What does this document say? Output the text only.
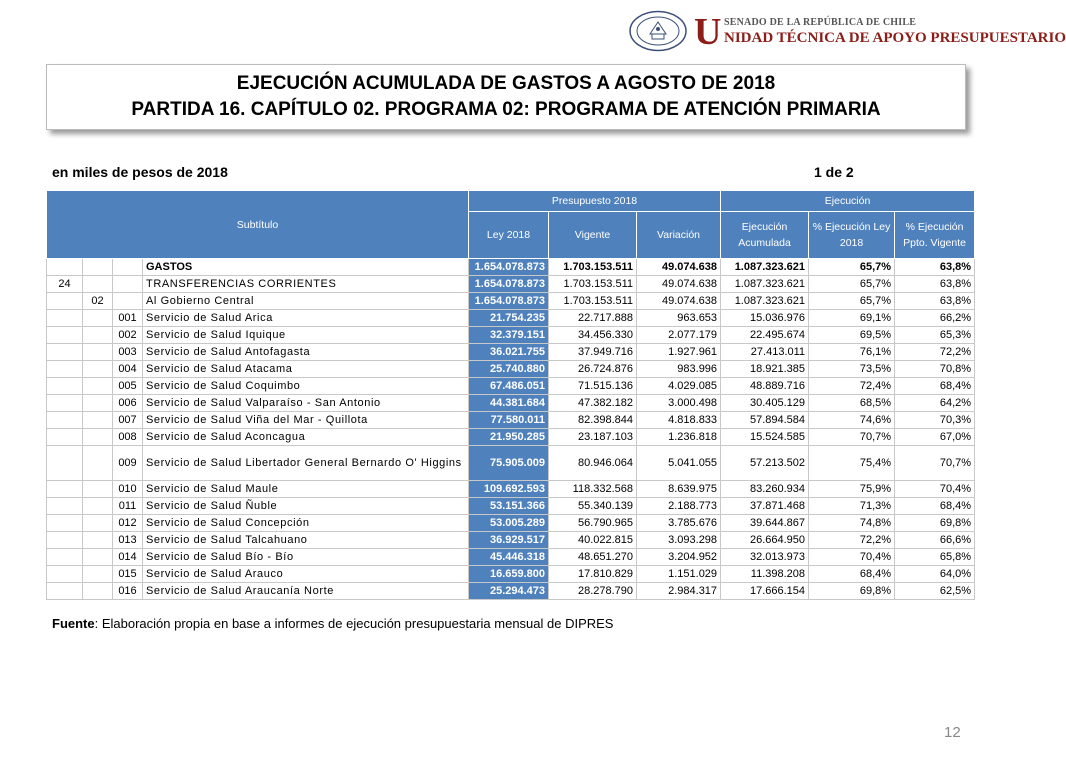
U SENADO DE LA REPÚBLICA DE CHILE
NIDAD TÉCNICA DE APOYO PRESUPUESTARIO
EJECUCIÓN ACUMULADA DE GASTOS A AGOSTO DE 2018
PARTIDA 16. CAPÍTULO 02. PROGRAMA 02: PROGRAMA DE ATENCIÓN PRIMARIA
en miles de pesos de 2018	1 de 2
Subtítulo				Presupuesto 2018			Ejecución		
				Ley 2018	Vigente	Variación	Ejecución Acumulada	% Ejecución Ley 2018	% Ejecución Ppto. Vigente
			GASTOS	1.654.078.873	1.703.153.511	49.074.638	1.087.323.621	65,7%	63,8%
24			TRANSFERENCIAS CORRIENTES	1.654.078.873	1.703.153.511	49.074.638	1.087.323.621	65,7%	63,8%
	02		Al Gobierno Central	1.654.078.873	1.703.153.511	49.074.638	1.087.323.621	65,7%	63,8%
		001	Servicio de Salud Arica	21.754.235	22.717.888	963.653	15.036.976	69,1%	66,2%
		002	Servicio de Salud Iquique	32.379.151	34.456.330	2.077.179	22.495.674	69,5%	65,3%
		003	Servicio de Salud Antofagasta	36.021.755	37.949.716	1.927.961	27.413.011	76,1%	72,2%
		004	Servicio de Salud Atacama	25.740.880	26.724.876	983.996	18.921.385	73,5%	70,8%
		005	Servicio de Salud Coquimbo	67.486.051	71.515.136	4.029.085	48.889.716	72,4%	68,4%
		006	Servicio de Salud Valparaíso - San Antonio	44.381.684	47.382.182	3.000.498	30.405.129	68,5%	64,2%
		007	Servicio de Salud Viña del Mar - Quillota	77.580.011	82.398.844	4.818.833	57.894.584	74,6%	70,3%
		008	Servicio de Salud Aconcagua	21.950.285	23.187.103	1.236.818	15.524.585	70,7%	67,0%
		009	Servicio de Salud Libertador General Bernardo O' Higgins	75.905.009	80.946.064	5.041.055	57.213.502	75,4%	70,7%
		010	Servicio de Salud Maule	109.692.593	118.332.568	8.639.975	83.260.934	75,9%	70,4%
		011	Servicio de Salud Ñuble	53.151.366	55.340.139	2.188.773	37.871.468	71,3%	68,4%
		012	Servicio de Salud Concepción	53.005.289	56.790.965	3.785.676	39.644.867	74,8%	69,8%
		013	Servicio de Salud Talcahuano	36.929.517	40.022.815	3.093.298	26.664.950	72,2%	66,6%
		014	Servicio de Salud Bío - Bío	45.446.318	48.651.270	3.204.952	32.013.973	70,4%	65,8%
		015	Servicio de Salud Arauco	16.659.800	17.810.829	1.151.029	11.398.208	68,4%	64,0%
		016	Servicio de Salud Araucanía Norte	25.294.473	28.278.790	2.984.317	17.666.154	69,8%	62,5%
Fuente: Elaboración propia en base a informes de ejecución presupuestaria mensual de DIPRES
12
